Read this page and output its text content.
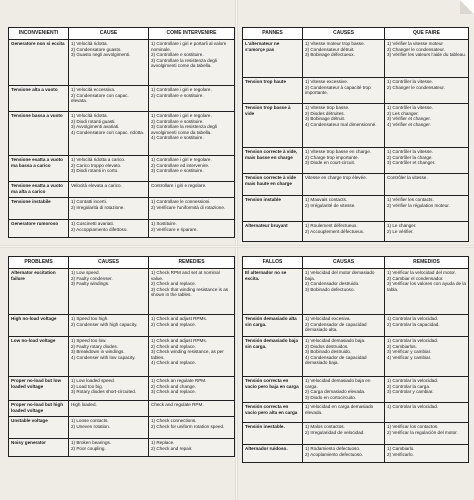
INCONVENIENTI	CAUSE	COME INTERVENIRE
Generatore non si eccita	1) Velocità ridotta.
2) Condensatore guasto.
3) Guasto negli avvolgimenti.	1) Controllare i giri e portarli al valore nominale.
2) Controllare e sostituire.
3) Controllare la resistenza degli avvolgimenti come da tabella.

Tensione alta a vuoto	1) Velocità eccessiva.
2) Condensatore con capac. elevata.	1) Controllare i giri e regolare.
2) Controllare e sostituire.

Tensione bassa a vuoto	1) Velocità ridotta.
2) Diodi rotanti guasti.
3) Avvolgimenti avariati.
4) Condensatore con capac. ridotta.	1) Controllare i giri e regolare.
2) Controllare e sostituire.
3) Controllare la resistenza degli avvolgimenti come da tabella.
4) Controllare e sostituire.

Tensione esatta a vuoto ma bassa a carico	1) Velocità ridotta a carico.
2) Carico troppo elevato.
3) Diodi rotanti in corto.	1) Controllare i giri e regolare.
2) Controllare ed intervenire.
3) Controllare e sostituire.

Tensione esatta a vuoto ma alta a carico	Velocità elevata a carico.	Controllare i giri e regolare.

Tensione instabile	1) Contatti incerti.
2) Irregolarità di rotazione.	1) Controllare le connessioni.
2) Verificare l'uniformità di rotazione.

Generatore rumoroso	1) Cuscinetti avariati.
2) Accoppiamento difettoso.	1) Sostituire.
2) Verificare e riparare.
PANNES	CAUSES	QUE FAIRE
L'alternateur ne s'amorçe pas	1) Vitesse moteur trop basse.
2) Condensateur détruit.
3) Bobinage défectueux.	1) Vérifier la vitesse moteur
2) Changer le condensateur.
3) Vérifier les valeurs l'aide du tableau.

Tension trop haute	1) Vitesse excessive.
2) Condensateur à capacité trop importante.	1) Contrôler la vitesse.
2) Changer le condensateur.

Tension trop basse à vide	1) Vitesse trop basse.
2) Diodes détruites.
3) Bobinage détruit.
4) Condensateur mal dimensionné.	1) Contrôler la vitesse.
2) Les changer.
3) Vérifier et changer.
4) Vérifier et changer.

Tension correcte à vide, mais basse en charge	1) Vitesse trop basse en charge.
2) Charge trop importante.
3) Diode en court-circuit.	1) Contrôler la vitesse.
2) Contrôler la charge.
3) Contrôler et changer.

Tension correcte à vide mais haute en charge	Vitesse en charge trop élevée.	Contrôler la vitesse.

Tension instable	1) Mauvais contacts.
2) Irrégularité de vitesse.	1) Vérifier les contacts.
2) Vérifier la régulation moteur.

Alternateur bruyant	1) Roulement défectueux.
2) Accouplement défectueux.	1) Le changer.
2) Le vérifier.
PROBLEMS	CAUSES	REMEDIES
Alternator excitation failure	1) Low speed.
2) Faulty condenser.
3) Faulty windings.	1) Check RPM and set at nominal value.
2) Check and replace.
3) Check that winding resistance is as shown in the tables.

High no-load voltage	1) Speed too high.
2) Condenser with high capacity.	1) Check and adjust RPMs.
2) Check and replace.

Low no-load voltage	1) Speed too low.
2) Faulty rotary diodes.
3) Breakdown in windings.
4) Condenser with low capacity.	1) Check and adjust RPMs.
2) Check and replace.
3) Check winding resistance, as per tables.
4) Check and replace.

Proper no-load but low loaded voltage	1) Low loaded speed.
2) Load too big.
3) Rotary diodes short-circuited.	1) Check an regulate RPM.
2) Check and change.
3) Check and replace.

Proper no-load but high loaded voltage	High loaded.	Check and regulate RPM.

Unstable voltage	1) Loose contacts.
2) Uneven rotation.	1) Check connections.
2) Check for uniform rotation speed.

Noisy generator	1) Broken bearings.
2) Poor coupling.	1) Replace.
2) Check and repair.
FALLOS	CAUSAS	REMEDIOS
El alternador no se excita.	1) Velocidad del motor demasiado baja.
2) Condensador destruido.
3) Bobinado defectuoso.	1) Verificar la velocidad del motor.
2) Cambiar el condensador.
3) Verificar los valores con ayuda de la tabla.

Tensión demasiado alta sin carga.	1) Velocidad excesiva.
2) Condensador de capacidad demasiado alta.	1) Controlar la velocidad.
2) Controlar la capacidad.

Tensión demasiado baja sin carga.	1) Velocidad demasiado baja.
2) Diodos destruidos.
3) Bobinado destruido.
4) Condensador de capacidad demasiado baja.	1) Controlar la velocidad.
2) Cambiarlos.
3) Verificar y cambiar.
4) Verificar y cambiar.

Tensión correcta en vacío pero baja en carga	1) Velocidad demasiado baja en carga.
2) Carga demasiado elevada.
3) Diodo en cortocircuito.	1) Controlar la velocidad.
2) Controlar la carga.
3) Controlar y cambiar.

Tensión correcta en vacío pero alta en carga	1) Velocidad en carga demasiado elevada.	1) Controlar la velocidad.

Tensión inestable.	1) Malos contactos.
2) Irregularidad de velocidad.	1) Verificar los contactos.
2) Verificar la regulación del motor.

Alternador ruidoso.	1) Rodamiento defectuoso.
2) Acoplamiento defectuoso.	1) Cambiarlo.
2) Verificarlo.
